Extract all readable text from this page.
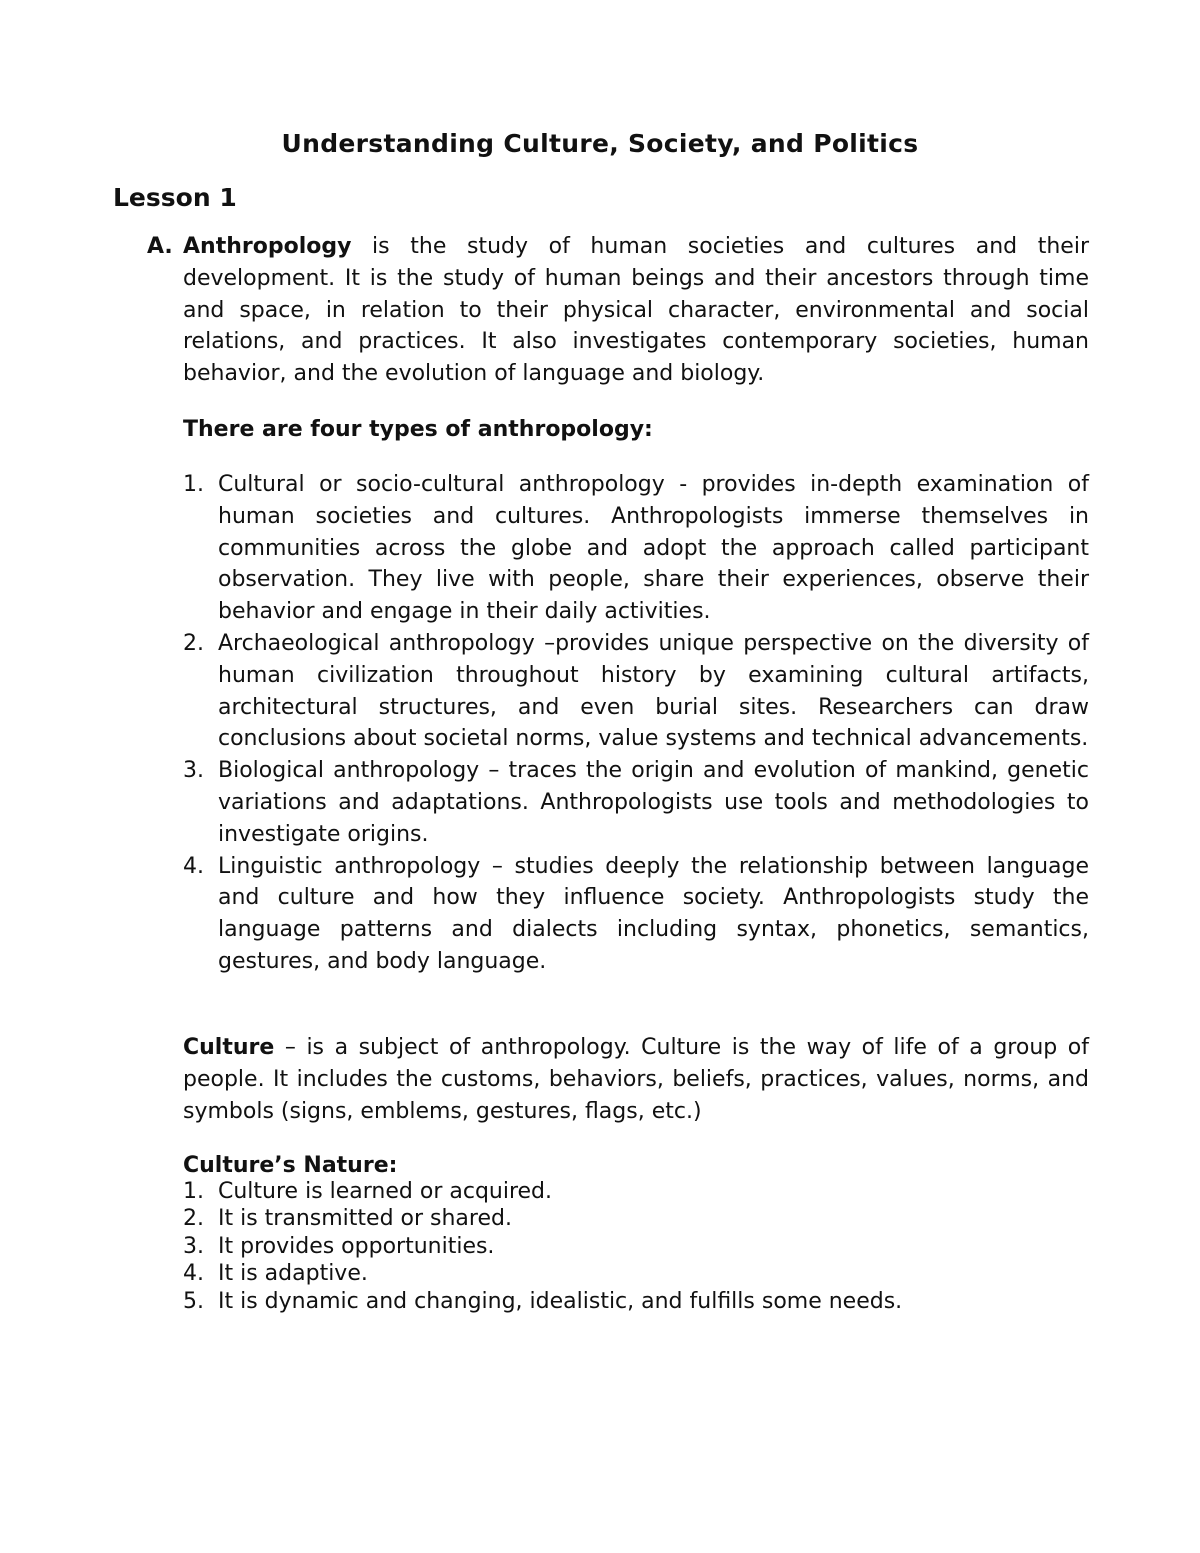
Understanding Culture, Society, and Politics
Lesson 1
A. Anthropology is the study of human societies and cultures and their development. It is the study of human beings and their ancestors through time and space, in relation to their physical character, environmental and social relations, and practices. It also investigates contemporary societies, human behavior, and the evolution of language and biology.

There are four types of anthropology:

1. Cultural or socio-cultural anthropology - provides in-depth examination of human societies and cultures. Anthropologists immerse themselves in communities across the globe and adopt the approach called participant observation. They live with people, share their experiences, observe their behavior and engage in their daily activities.
2. Archaeological anthropology –provides unique perspective on the diversity of human civilization throughout history by examining cultural artifacts, architectural structures, and even burial sites. Researchers can draw conclusions about societal norms, value systems and technical advancements.
3. Biological anthropology – traces the origin and evolution of mankind, genetic variations and adaptations. Anthropologists use tools and methodologies to investigate origins.
4. Linguistic anthropology – studies deeply the relationship between language and culture and how they influence society. Anthropologists study the language patterns and dialects including syntax, phonetics, semantics, gestures, and body language.

Culture – is a subject of anthropology. Culture is the way of life of a group of people. It includes the customs, behaviors, beliefs, practices, values, norms, and symbols (signs, emblems, gestures, flags, etc.)

Culture’s Nature:

1. Culture is learned or acquired.
2. It is transmitted or shared.
3. It provides opportunities.
4. It is adaptive.
5. It is dynamic and changing, idealistic, and fulfills some needs.
